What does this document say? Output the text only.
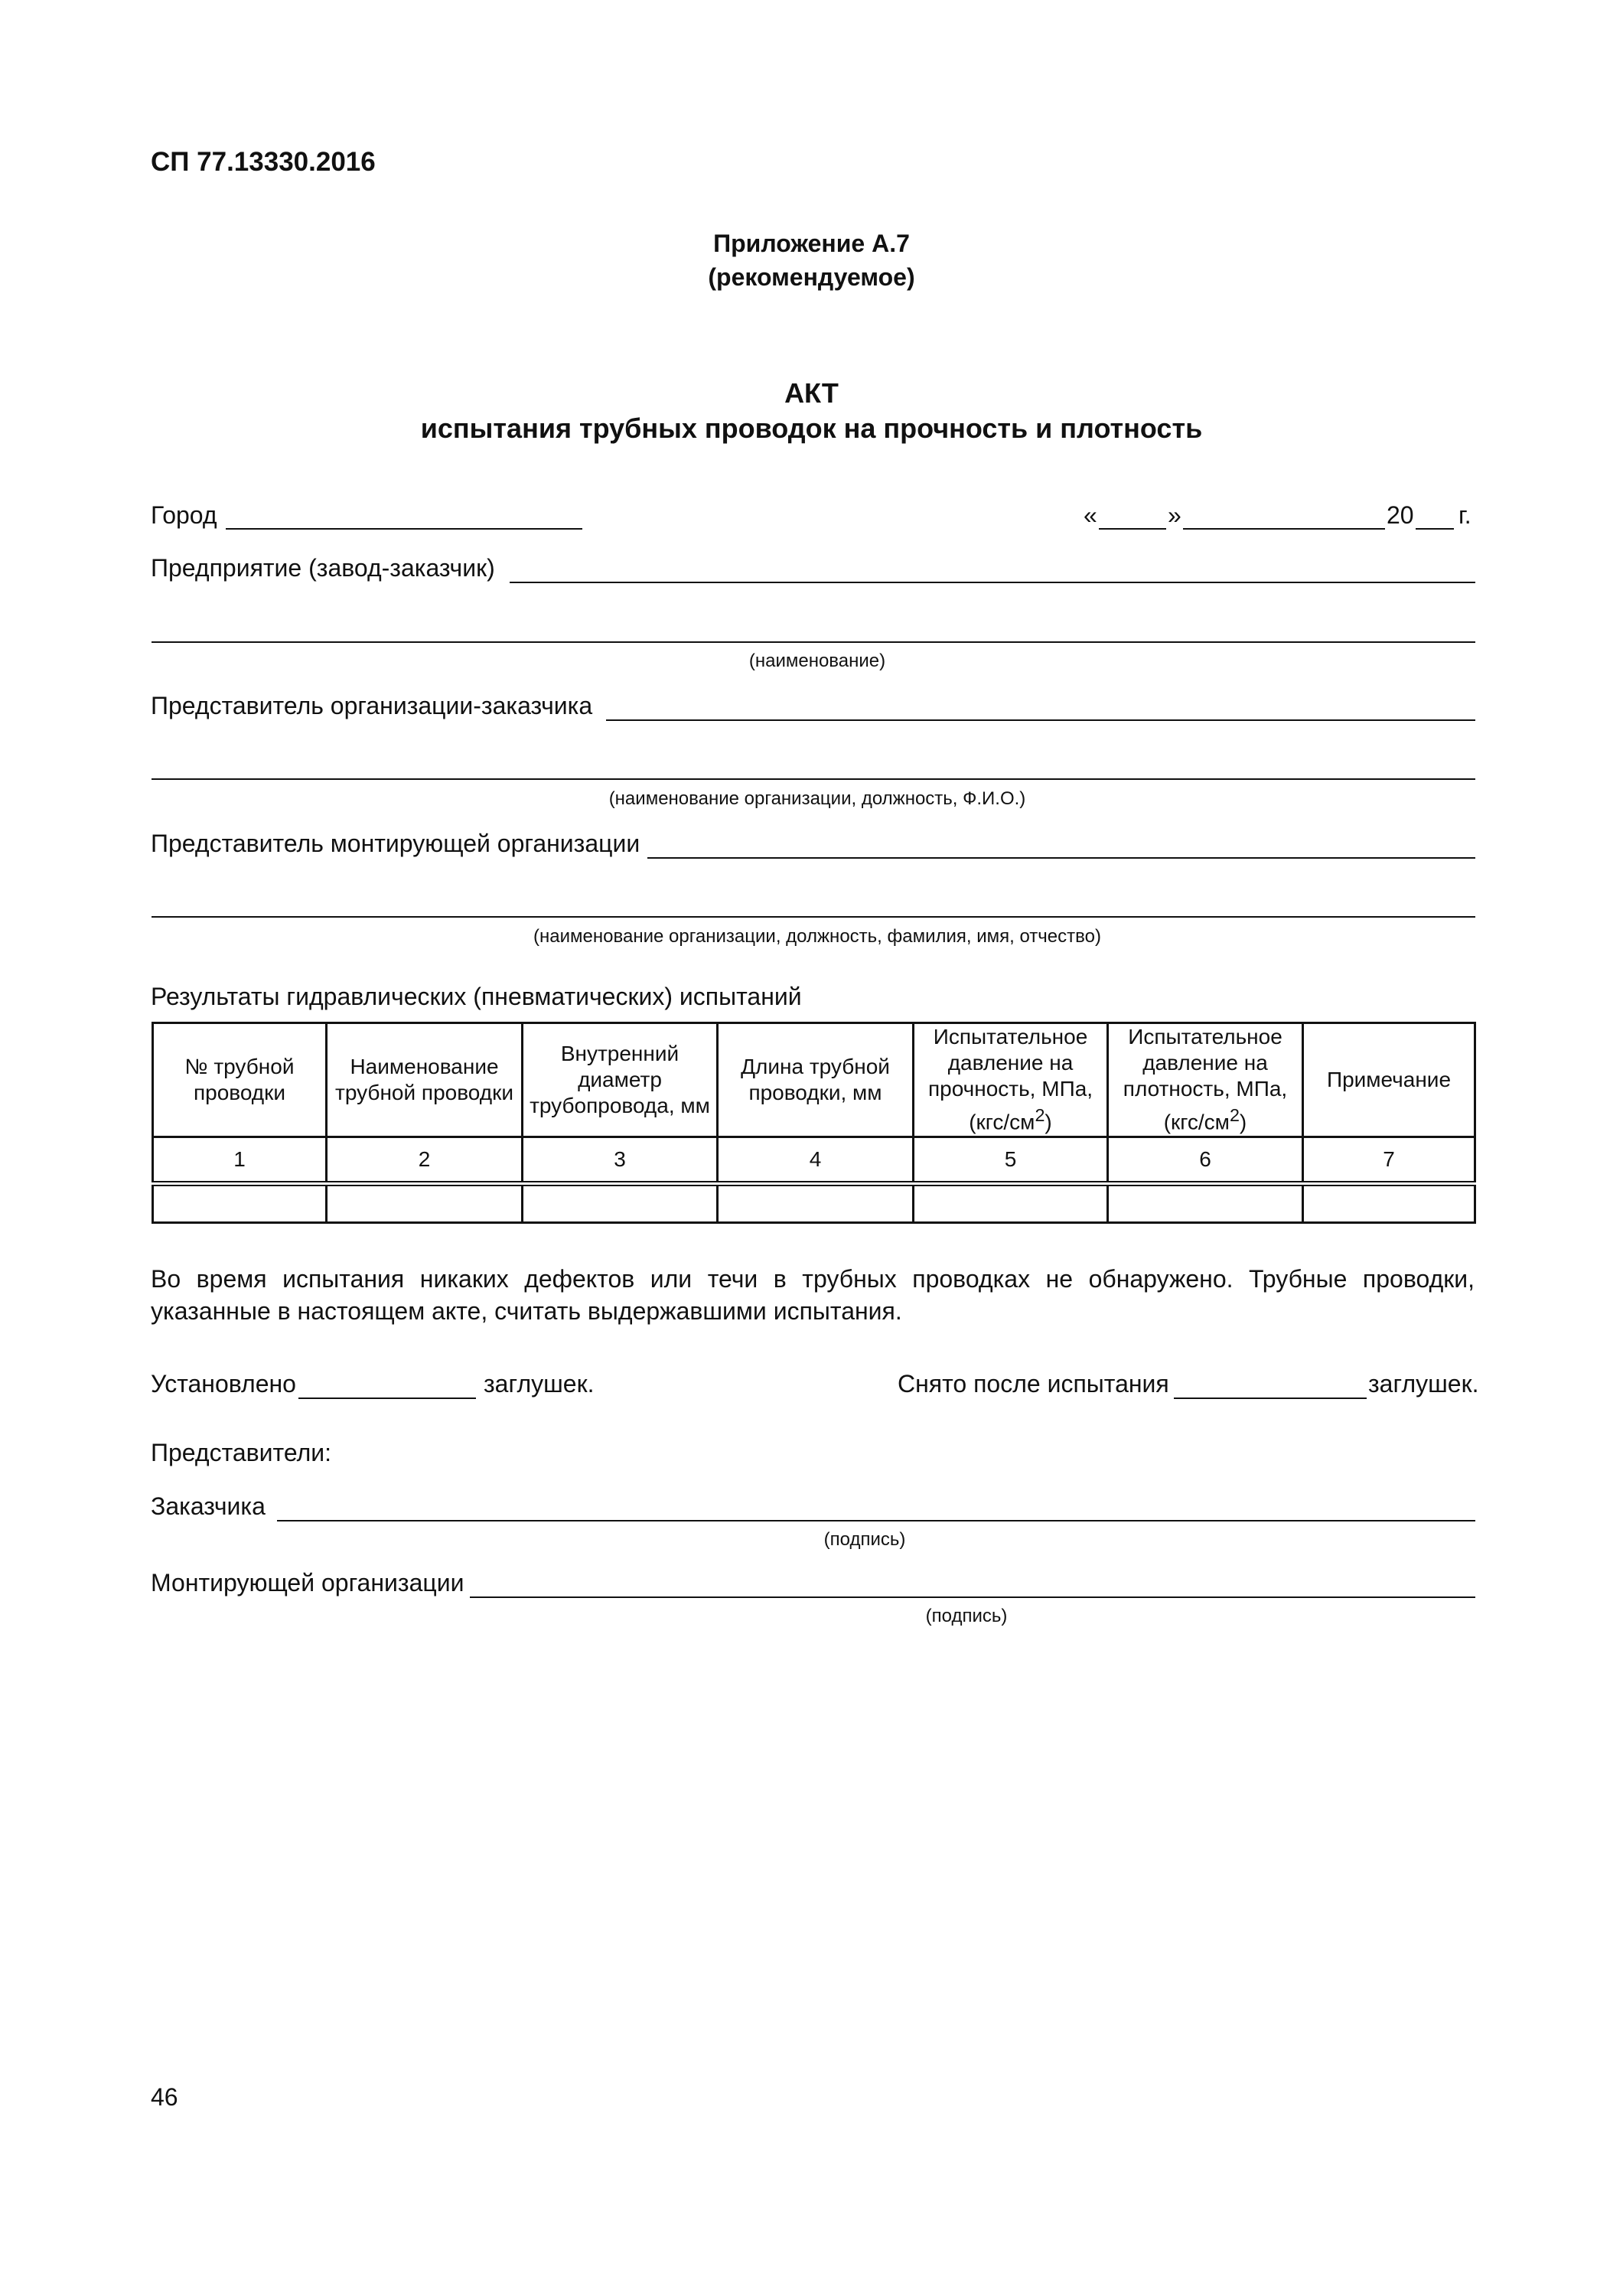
СП 77.13330.2016
Приложение А.7
(рекомендуемое)
АКТ
испытания трубных проводок на прочность и плотность
Город	«	»	20 г.
Предприятие (завод-заказчик)
(наименование)
Представитель организации-заказчика
(наименование организации, должность, Ф.И.О.)
Представитель монтирующей организации
(наименование организации, должность, фамилия, имя, отчество)
Результаты гидравлических (пневматических) испытаний
№ трубной проводки	Наименование трубной проводки	Внутренний диаметр трубопровода, мм	Длина трубной проводки, мм	Испытательное давление на прочность, МПа, $(кгс/см^2)$	Испытательное давление на плотность, МПа, $(кгс/см^2)$	Примечание
1	2	3	4	5	6	7

Во время испытания никаких дефектов или течи в трубных проводках не обнаружено. Трубные проводки, указанные в настоящем акте, считать выдержавшими испытания.
Установлено	заглушек.	Снято после испытания	заглушек.
Представители:
Заказчика
(подпись)
Монтирующей организации
(подпись)
46
